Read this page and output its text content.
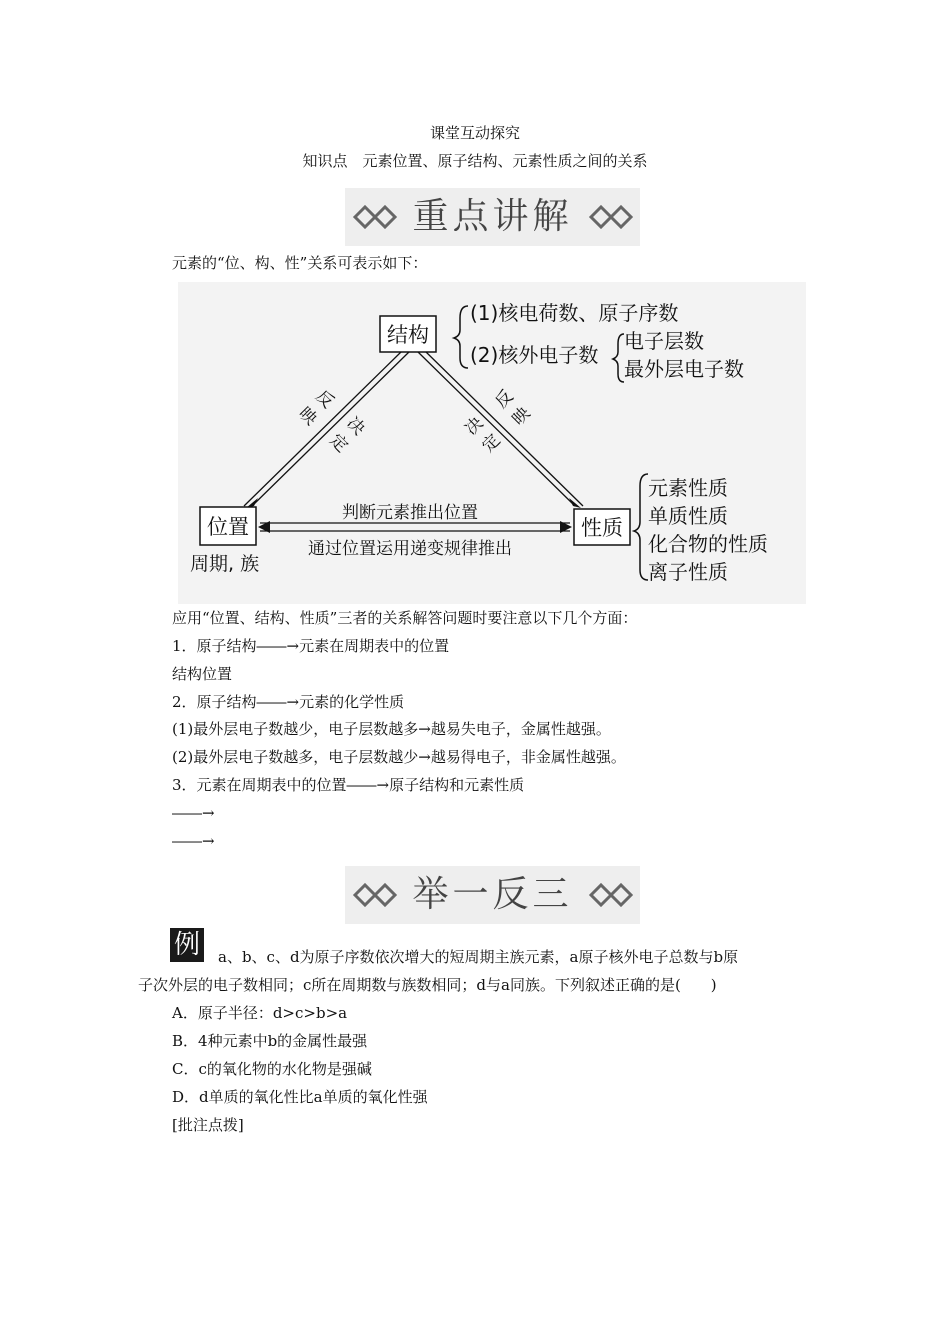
课堂互动探究
知识点　元素位置、原子结构、元素性质之间的关系
重点讲解
元素的“位、构、性”关系可表示如下：
结构
位置	性质
(1)核电荷数、原子序数
(2)核外电子数
电子层数
最外层电子数
元素性质
单质性质
化合物的性质
离子性质
周期, 族
判断元素推出位置
通过位置运用递变规律推出
反
映 决
定
反
映
决
定
应用“位置、结构、性质”三者的关系解答问题时要注意以下几个方面：
1．原子结构――→元素在周期表中的位置
结构位置
2．原子结构――→元素的化学性质
(1)最外层电子数越少，电子层数越多→越易失电子，金属性越强。
(2)最外层电子数越多，电子层数越少→越易得电子，非金属性越强。
3．元素在周期表中的位置――→原子结构和元素性质
――→
――→
举一反三
例 a、b、c、d为原子序数依次增大的短周期主族元素，a原子核外电子总数与b原
子次外层的电子数相同；c所在周期数与族数相同；d与a同族。下列叙述正确的是(　　)
A．原子半径：d>c>b>a
B．4种元素中b的金属性最强
C．c的氧化物的水化物是强碱
D．d单质的氧化性比a单质的氧化性强
[批注点拨]
